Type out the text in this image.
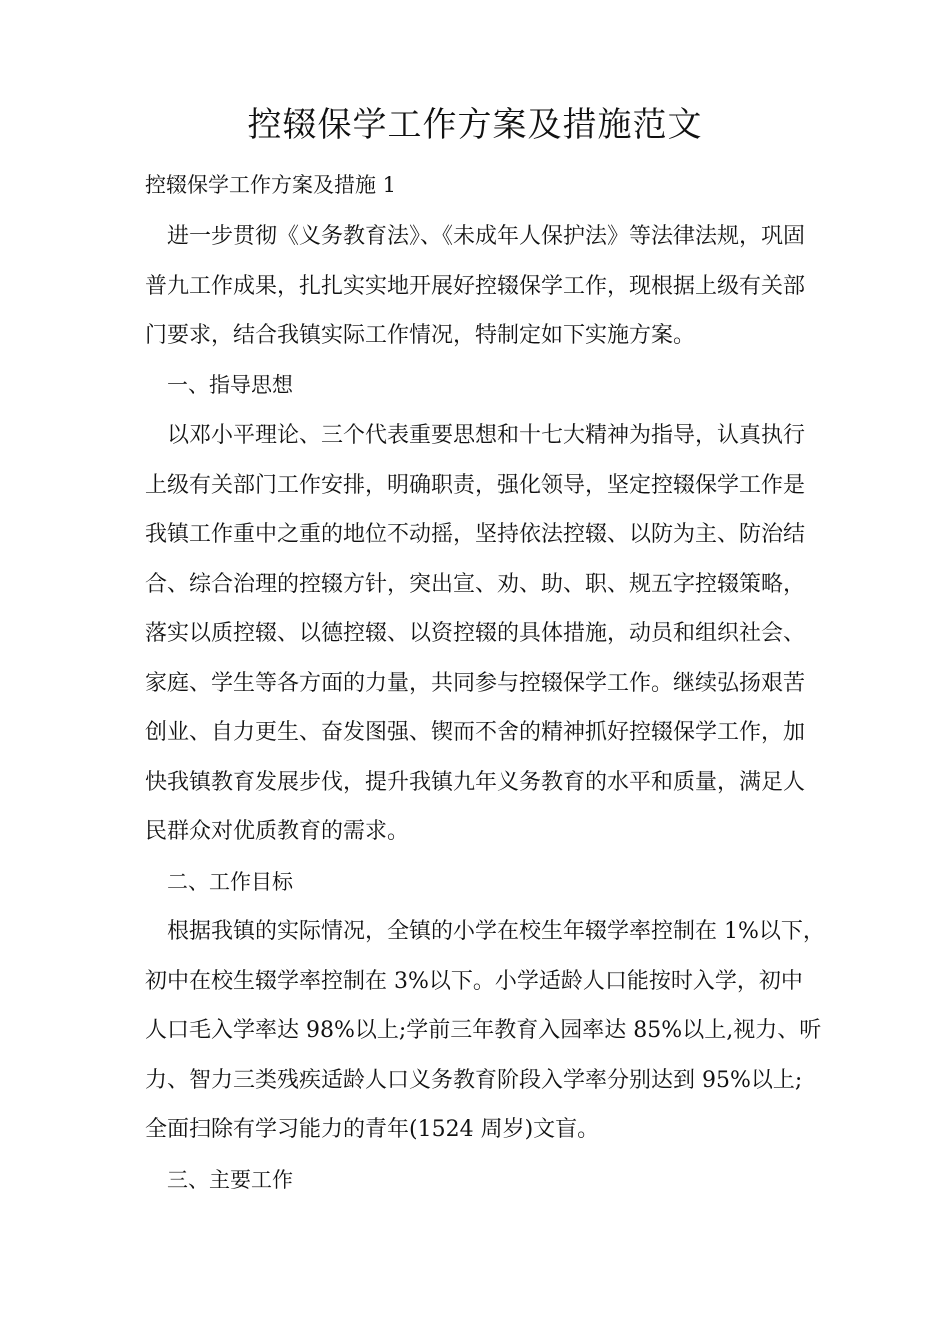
控辍保学工作方案及措施范文
控辍保学工作方案及措施 1
进一步贯彻《义务教育法》、《未成年人保护法》等法律法规，巩固
普九工作成果，扎扎实实地开展好控辍保学工作，现根据上级有关部
门要求，结合我镇实际工作情况，特制定如下实施方案。
一、指导思想
以邓小平理论、三个代表重要思想和十七大精神为指导，认真执行
上级有关部门工作安排，明确职责，强化领导，坚定控辍保学工作是
我镇工作重中之重的地位不动摇，坚持依法控辍、以防为主、防治结
合、综合治理的控辍方针，突出宣、劝、助、职、规五字控辍策略，
落实以质控辍、以德控辍、以资控辍的具体措施，动员和组织社会、
家庭、学生等各方面的力量，共同参与控辍保学工作。继续弘扬艰苦
创业、自力更生、奋发图强、锲而不舍的精神抓好控辍保学工作，加
快我镇教育发展步伐，提升我镇九年义务教育的水平和质量，满足人
民群众对优质教育的需求。
二、工作目标
根据我镇的实际情况，全镇的小学在校生年辍学率控制在 1%以下，
初中在校生辍学率控制在 3%以下。小学适龄人口能按时入学，初中
人口毛入学率达 98%以上;学前三年教育入园率达 85%以上,视力、听
力、智力三类残疾适龄人口义务教育阶段入学率分别达到 95%以上;
全面扫除有学习能力的青年(1524 周岁)文盲。
三、主要工作
